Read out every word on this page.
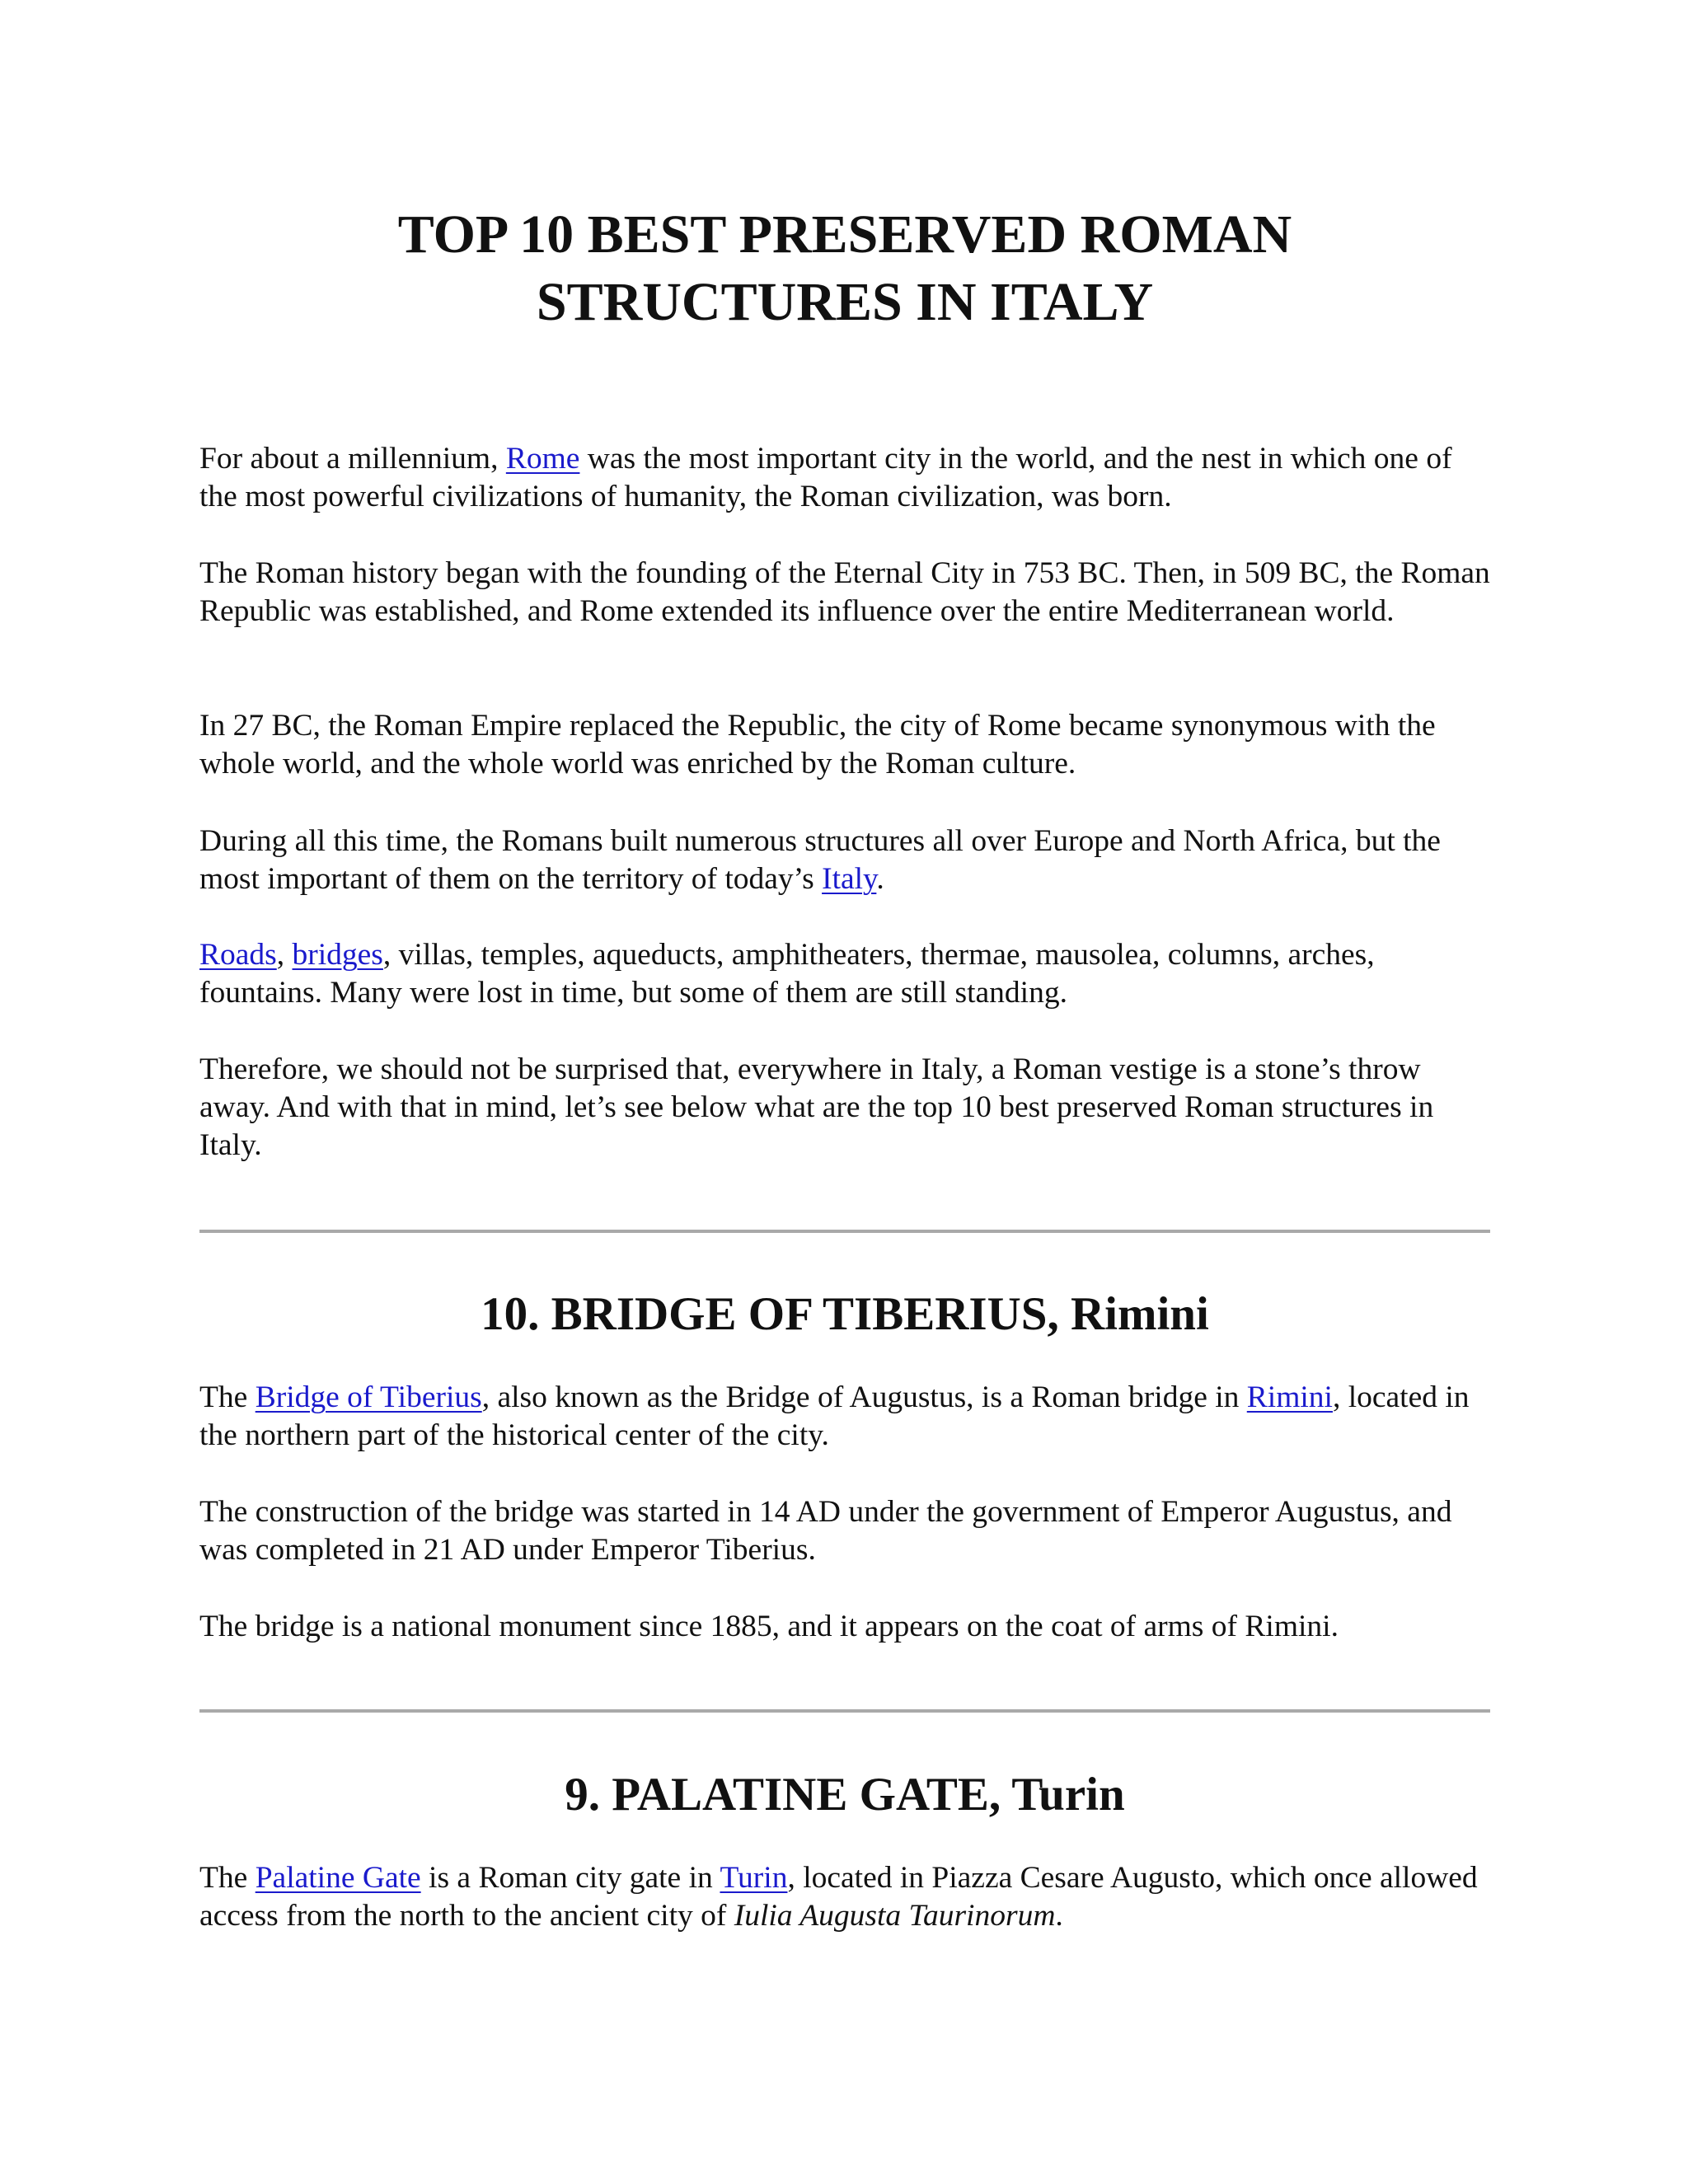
TOP 10 BEST PRESERVED ROMAN
STRUCTURES IN ITALY

For about a millennium, Rome was the most important city in the world, and the nest in which one of the most powerful civilizations of humanity, the Roman civilization, was born.

The Roman history began with the founding of the Eternal City in 753 BC. Then, in 509 BC, the Roman Republic was established, and Rome extended its influence over the entire Mediterranean world.

In 27 BC, the Roman Empire replaced the Republic, the city of Rome became synonymous with the whole world, and the whole world was enriched by the Roman culture.

During all this time, the Romans built numerous structures all over Europe and North Africa, but the most important of them on the territory of today’s Italy.

Roads, bridges, villas, temples, aqueducts, amphitheaters, thermae, mausolea, columns, arches, fountains. Many were lost in time, but some of them are still standing.

Therefore, we should not be surprised that, everywhere in Italy, a Roman vestige is a stone’s throw away. And with that in mind, let’s see below what are the top 10 best preserved Roman structures in Italy.

10. BRIDGE OF TIBERIUS, Rimini

The Bridge of Tiberius, also known as the Bridge of Augustus, is a Roman bridge in Rimini, located in the northern part of the historical center of the city.

The construction of the bridge was started in 14 AD under the government of Emperor Augustus, and was completed in 21 AD under Emperor Tiberius.

The bridge is a national monument since 1885, and it appears on the coat of arms of Rimini.

9. PALATINE GATE, Turin

The Palatine Gate is a Roman city gate in Turin, located in Piazza Cesare Augusto, which once allowed access from the north to the ancient city of Iulia Augusta Taurinorum.
